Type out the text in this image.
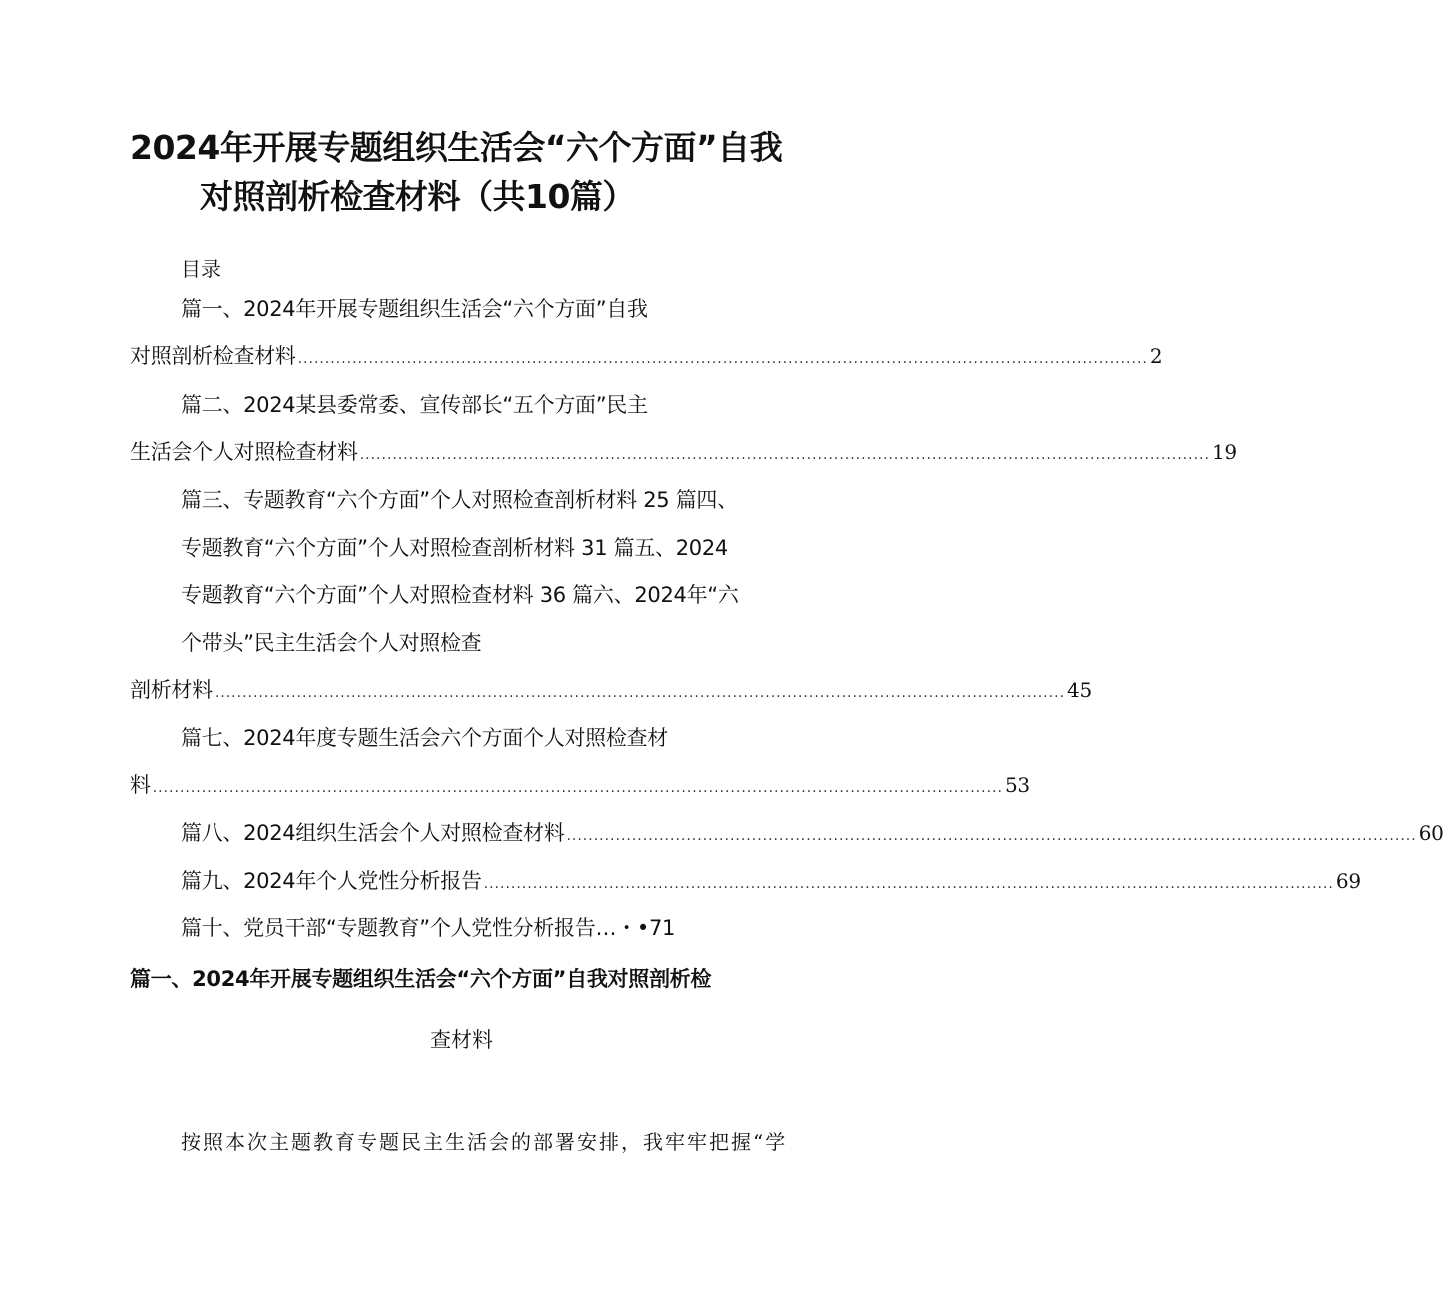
2024年开展专题组织生活会“六个方面”自我
对照剖析检查材料（共10篇）
目录
篇一、2024年开展专题组织生活会“六个方面”自我
对照剖析检查材料 ............................................................................................................................................................ 2
篇二、2024某县委常委、宣传部长“五个方面”民主
生活会个人对照检查材料 ............................................................................................................................................................ 19
篇三、专题教育“六个方面”个人对照检查剖析材料 25 篇四、
专题教育“六个方面”个人对照检查剖析材料 31 篇五、2024
专题教育“六个方面”个人对照检查材料 36 篇六、2024年“六
个带头”民主生活会个人对照检查
剖析材料 ............................................................................................................................................................ 45
篇七、2024年度专题生活会六个方面个人对照检查材
料 ............................................................................................................................................................ 53
篇八、2024组织生活会个人对照检查材料 ............................................................................................................................................................ 60
篇九、2024年个人党性分析报告 ............................................................................................................................................................ 69
篇十、党员干部“专题教育”个人党性分析报告…・•71
篇一、2024年开展专题组织生活会“六个方面”自我对照剖析检
查材料
按照本次主题教育专题民主生活会的部署安排，我牢牢把握“学
